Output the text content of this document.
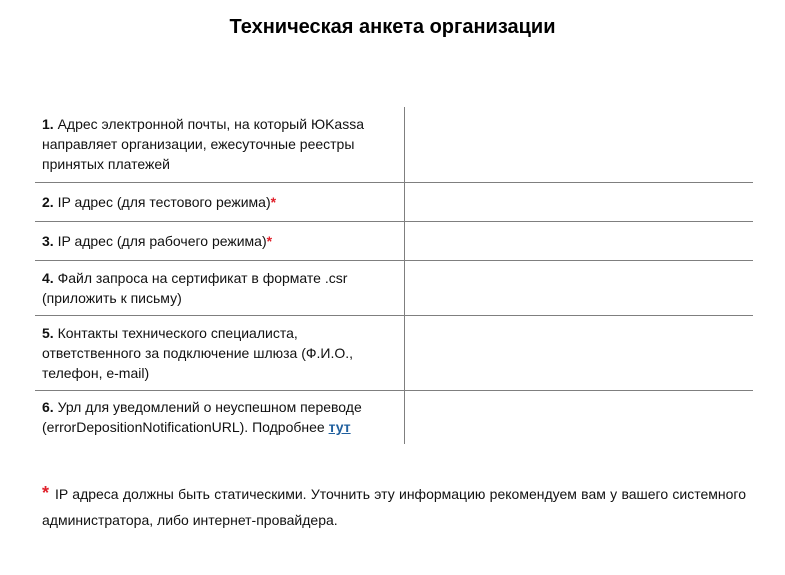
Техническая анкета организации
1. Адрес электронной почты, на который ЮKassa направляет организации, ежесуточные реестры принятых платежей	
2. IP адрес (для тестового режима)*	
3. IP адрес (для рабочего режима)*	
4. Файл запроса на сертификат в формате .csr (приложить к письму)	
5. Контакты технического специалиста, ответственного за подключение шлюза (Ф.И.О., телефон, e-mail)	
6. Урл для уведомлений о неуспешном переводе (errorDepositionNotificationURL). Подробнее тут	
* IP адреса должны быть статическими. Уточнить эту информацию рекомендуем вам у вашего системного администратора, либо интернет-провайдера.
